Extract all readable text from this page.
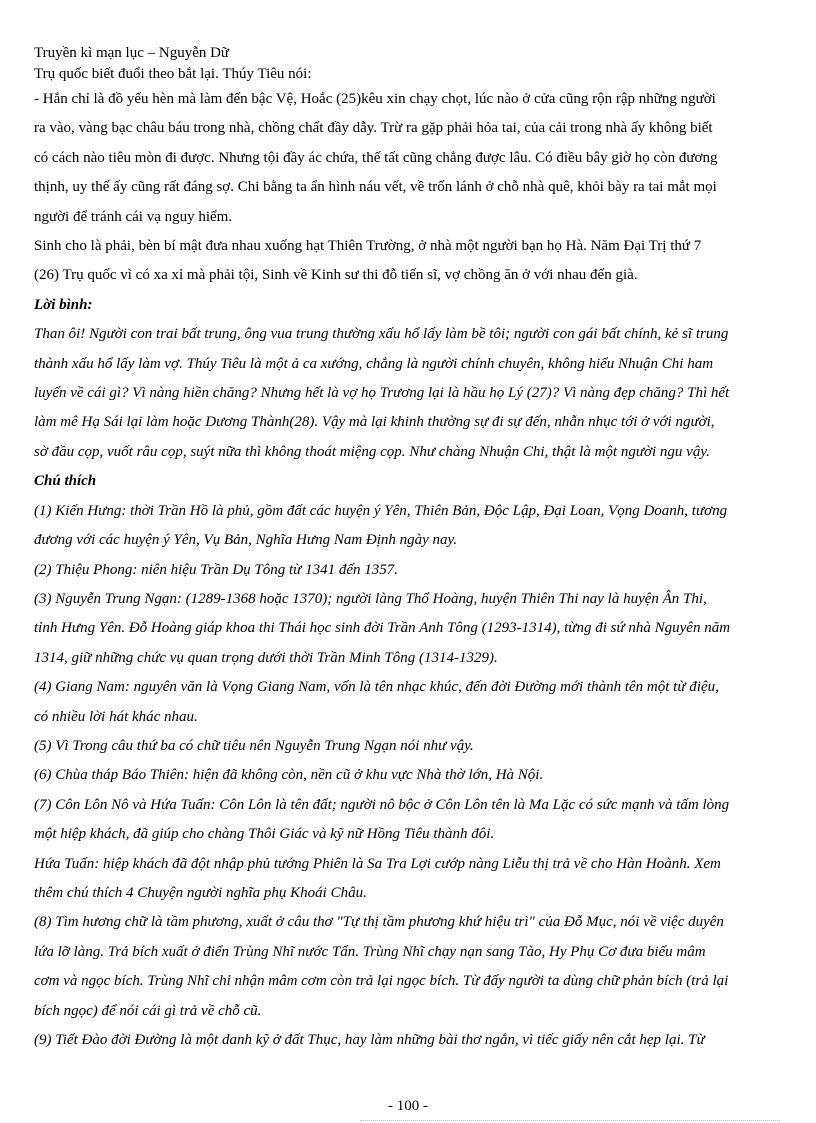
Truyền kì mạn lục – Nguyễn Dữ
Trụ quốc biết đuổi theo bắt lại. Thúy Tiêu nói:
- Hắn chỉ là đồ yếu hèn mà làm đến bậc Vệ, Hoắc (25)kêu xin chạy chọt, lúc nào ở cửa cũng rộn rập những người
ra vào, vàng bạc châu báu trong nhà, chồng chất đầy dẫy. Trừ ra gặp phải hỏa tai, của cải trong nhà ấy không biết
có cách nào tiêu mòn đi được. Nhưng tội đầy ác chứa, thế tất cũng chẳng được lâu. Có điều bây giờ họ còn đương
thịnh, uy thế ấy cũng rất đáng sợ. Chi bằng ta ẩn hình náu vết, về trốn lánh ở chỗ nhà quê, khỏi bày ra tai mắt mọi
người để tránh cái vạ nguy hiểm.
Sinh cho là phải, bèn bí mật đưa nhau xuống hạt Thiên Trường, ở nhà một người bạn họ Hà. Năm Đại Trị thứ 7
(26) Trụ quốc vì có xa xỉ mà phải tội, Sinh về Kinh sư thi đỗ tiến sĩ, vợ chồng ăn ở với nhau đến già.
Lời bình:
Than ôi! Người con trai bất trung, ông vua trung thường xấu hổ lấy làm bề tôi; người con gái bất chính, kẻ sĩ trung
thành xấu hổ lấy làm vợ. Thúy Tiêu là một ả ca xướng, chẳng là người chính chuyên, không hiểu Nhuận Chi ham
luyến về cái gì? Vì nàng hiền chăng? Nhưng hết là vợ họ Trương lại là hầu họ Lý (27)? Vì nàng đẹp chăng? Thì hết
làm mê Hạ Sái lại làm hoặc Dương Thành(28). Vậy mà lại khinh thường sự đi sự đến, nhẫn nhục tới ở với người,
sờ đầu cọp, vuốt râu cọp, suýt nữa thì không thoát miệng cọp. Như chàng Nhuận Chi, thật là một người ngu vậy.
Chú thích
(1) Kiến Hưng: thời Trần Hồ là phủ, gồm đất các huyện ý Yên, Thiên Bản, Độc Lập, Đại Loan, Vọng Doanh, tương
đương với các huyện ý Yên, Vụ Bản, Nghĩa Hưng Nam Định ngày nay.
(2) Thiệu Phong: niên hiệu Trần Dụ Tông từ 1341 đến 1357.
(3) Nguyễn Trung Ngạn: (1289-1368 hoặc 1370); người làng Thổ Hoàng, huyện Thiên Thi nay là huyện Ân Thi,
tỉnh Hưng Yên. Đỗ Hoàng giáp khoa thi Thái học sinh đời Trần Anh Tông (1293-1314), từng đi sứ nhà Nguyên năm
1314, giữ những chức vụ quan trọng dưới thời Trần Minh Tông (1314-1329).
(4) Giang Nam: nguyên văn là Vọng Giang Nam, vốn là tên nhạc khúc, đến đời Đường mới thành tên một từ điệu,
có nhiều lời hát khác nhau.
(5) Vì Trong câu thứ ba có chữ tiêu nên Nguyễn Trung Ngạn nói như vậy.
(6) Chùa tháp Báo Thiên: hiện đã không còn, nền cũ ở khu vực Nhà thờ lớn, Hà Nội.
(7) Côn Lôn Nô và Hứa Tuấn: Côn Lôn là tên đất; người nô bộc ở Côn Lôn tên là Ma Lặc có sức mạnh và tấm lòng
một hiệp khách, đã giúp cho chàng Thôi Giác và kỹ nữ Hồng Tiêu thành đôi.
Hứa Tuấn: hiệp khách đã đột nhập phủ tướng Phiên là Sa Tra Lợi cướp nàng Liễu thị trả về cho Hàn Hoành. Xem
thêm chú thích 4 Chuyện người nghĩa phụ Khoái Châu.
(8) Tìm hương chữ là tầm phương, xuất ở câu thơ "Tự thị tầm phương khứ hiệu trì" của Đỗ Mục, nói về việc duyên
lứa lỡ làng. Trả bích xuất ở điển Trùng Nhĩ nước Tấn. Trùng Nhĩ chạy nạn sang Tào, Hy Phụ Cơ đưa biếu mâm
cơm và ngọc bích. Trùng Nhĩ chỉ nhận mâm cơm còn trả lại ngọc bích. Từ đấy người ta dùng chữ phản bích (trả lại
bích ngọc) để nói cái gì trả về chỗ cũ.
(9) Tiết Đào đời Đường là một danh kỹ ở đất Thục, hay làm những bài thơ ngắn, vì tiếc giấy nên cắt hẹp lại. Từ
- 100 -
